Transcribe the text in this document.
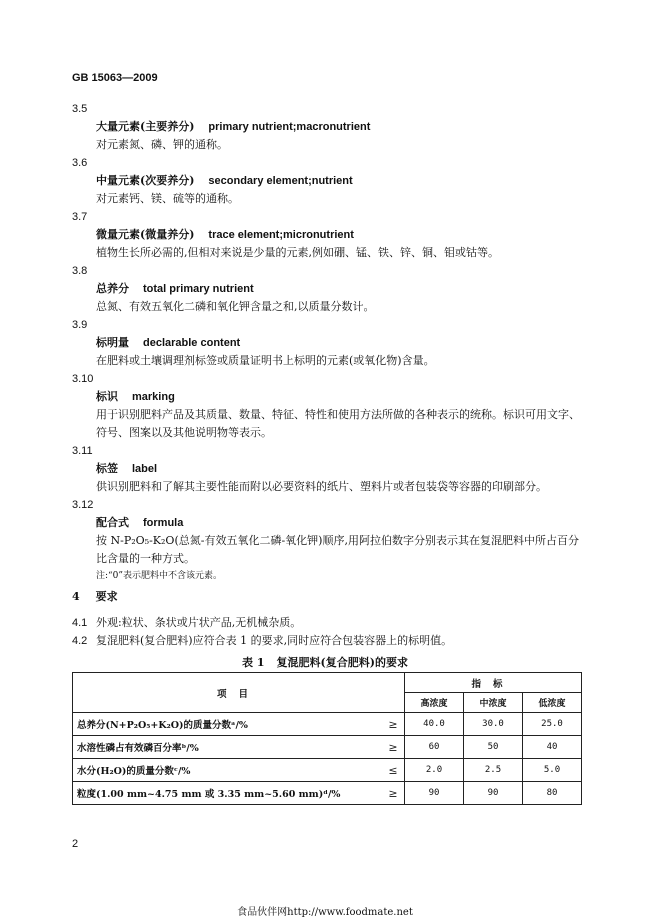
GB 15063—2009
3.5
大量元素(主要养分) primary nutrient;macronutrient
对元素氮、磷、钾的通称。
3.6
中量元素(次要养分) secondary element;nutrient
对元素钙、镁、硫等的通称。
3.7
微量元素(微量养分) trace element;micronutrient
植物生长所必需的,但相对来说是少量的元素,例如硼、锰、铁、锌、铜、钼或钴等。
3.8
总养分 total primary nutrient
总氮、有效五氧化二磷和氧化钾含量之和,以质量分数计。
3.9
标明量 declarable content
在肥料或土壤调理剂标签或质量证明书上标明的元素(或氧化物)含量。
3.10
标识 marking
用于识别肥料产品及其质量、数量、特征、特性和使用方法所做的各种表示的统称。标识可用文字、符号、图案以及其他说明物等表示。
3.11
标签 label
供识别肥料和了解其主要性能而附以必要资料的纸片、塑料片或者包装袋等容器的印刷部分。
3.12
配合式 formula
按 N-P₂O₅-K₂O(总氮-有效五氧化二磷-氧化钾)顺序,用阿拉伯数字分别表示其在复混肥料中所占百分比含量的一种方式。
注:“0”表示肥料中不含该元素。
4 要求
4.1 外观:粒状、条状或片状产品,无机械杂质。
4.2 复混肥料(复合肥料)应符合表 1 的要求,同时应符合包装容器上的标明值。
表 1 复混肥料(复合肥料)的要求
项目		指标		
		高浓度	中浓度	低浓度
总养分(N+P₂O₅+K₂O)的质量分数ᵃ/%	≥	40.0	30.0	25.0
水溶性磷占有效磷百分率ᵇ/%	≥	60	50	40
水分(H₂O)的质量分数ᶜ/%	≤	2.0	2.5	5.0
粒度(1.00 mm~4.75 mm 或 3.35 mm~5.60 mm)ᵈ/%	≥	90	90	80
2
食品伙伴网http://www.foodmate.net
